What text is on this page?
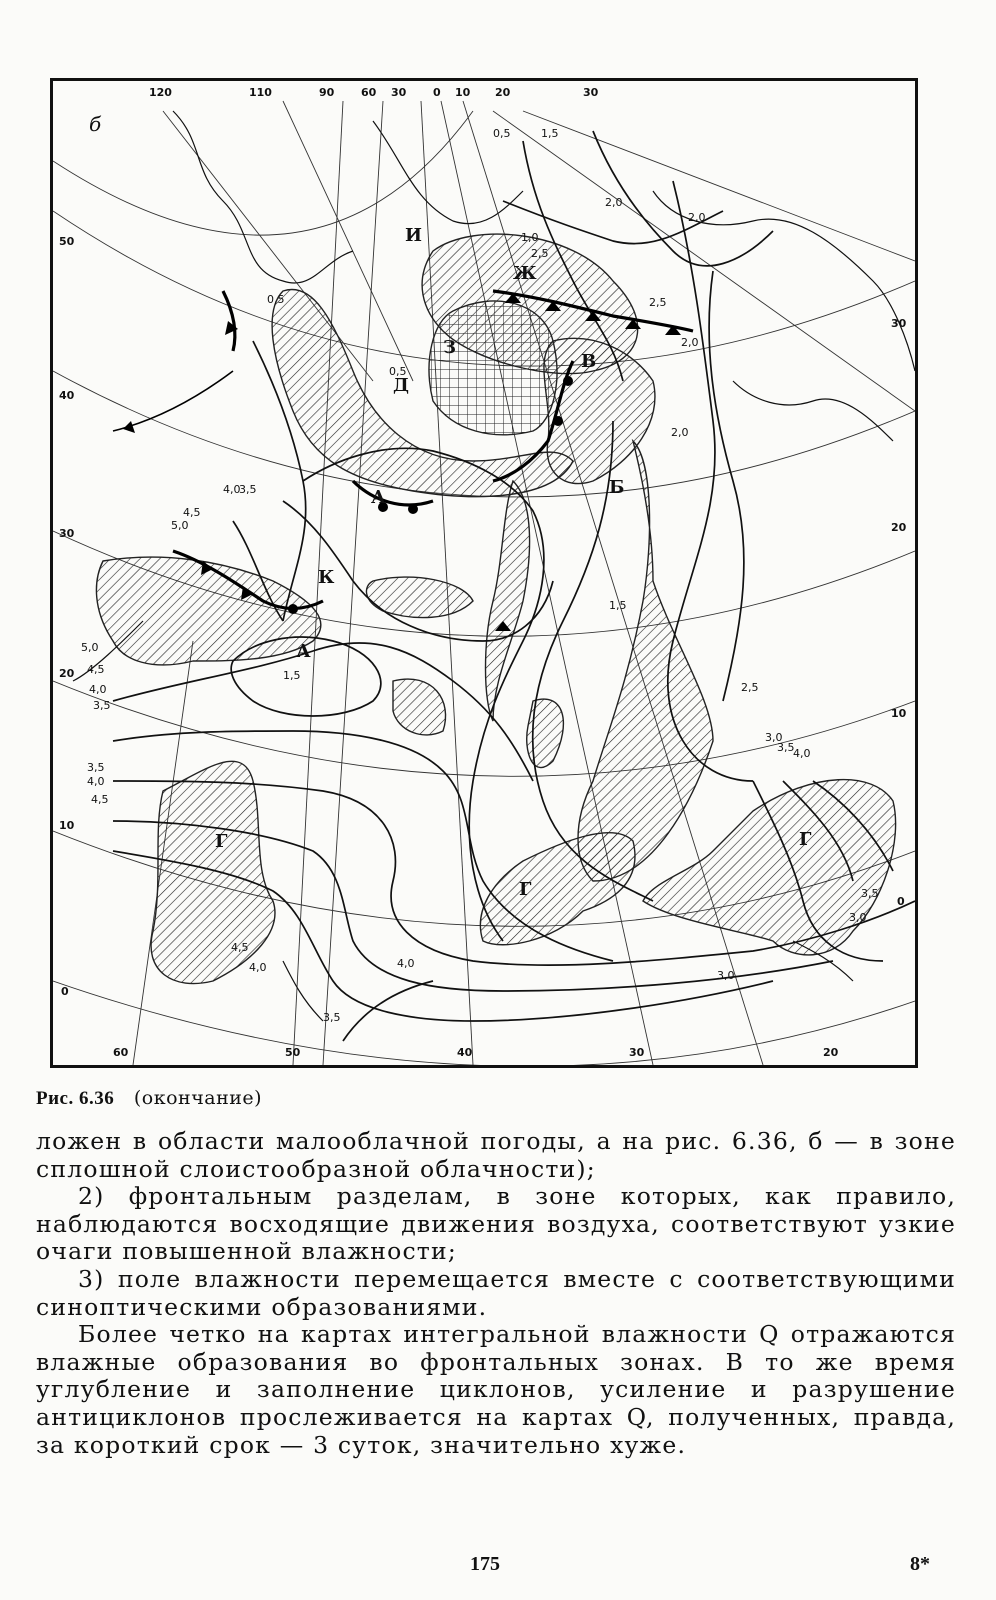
120	110	90 60 30 0 10 20	30
60	50	40	30	20
50
40
30
20
10
0
30
20
10
0
б
И
Ж
З
Д
В
А	Б
К
А
Г
Г
Г
0,5	1,5
2,0
2,0
2,5
1,0
0,5	2,5
2,0
2,0
5,0
4,5
4,0
3,5
5,0
4,5
4,0
3,5
1,5
1,5
2,5
3,5
4,0
4,5
3,0
3,5
4,0
4,5
4,0	4,0
3,5
3,0
3,0
3,5
0,5
Рис. 6.36 (окончание)

ложен в области малооблачной погоды, а на рис. 6.36, б — в зоне сплошной слоистообразной облачности);

2) фронтальным разделам, в зоне которых, как правило, наблюдаются восходящие движения воздуха, соответствуют узкие очаги повышенной влажности;

3) поле влажности перемещается вместе с соответствующими синоптическими образованиями.

Более четко на картах интегральной влажности Q отражаются влажные образования во фронтальных зонах. В то же время углубление и заполнение циклонов, усиление и разрушение антициклонов прослеживается на картах Q, полученных, правда, за короткий срок — 3 суток, значительно хуже.

175	8*
